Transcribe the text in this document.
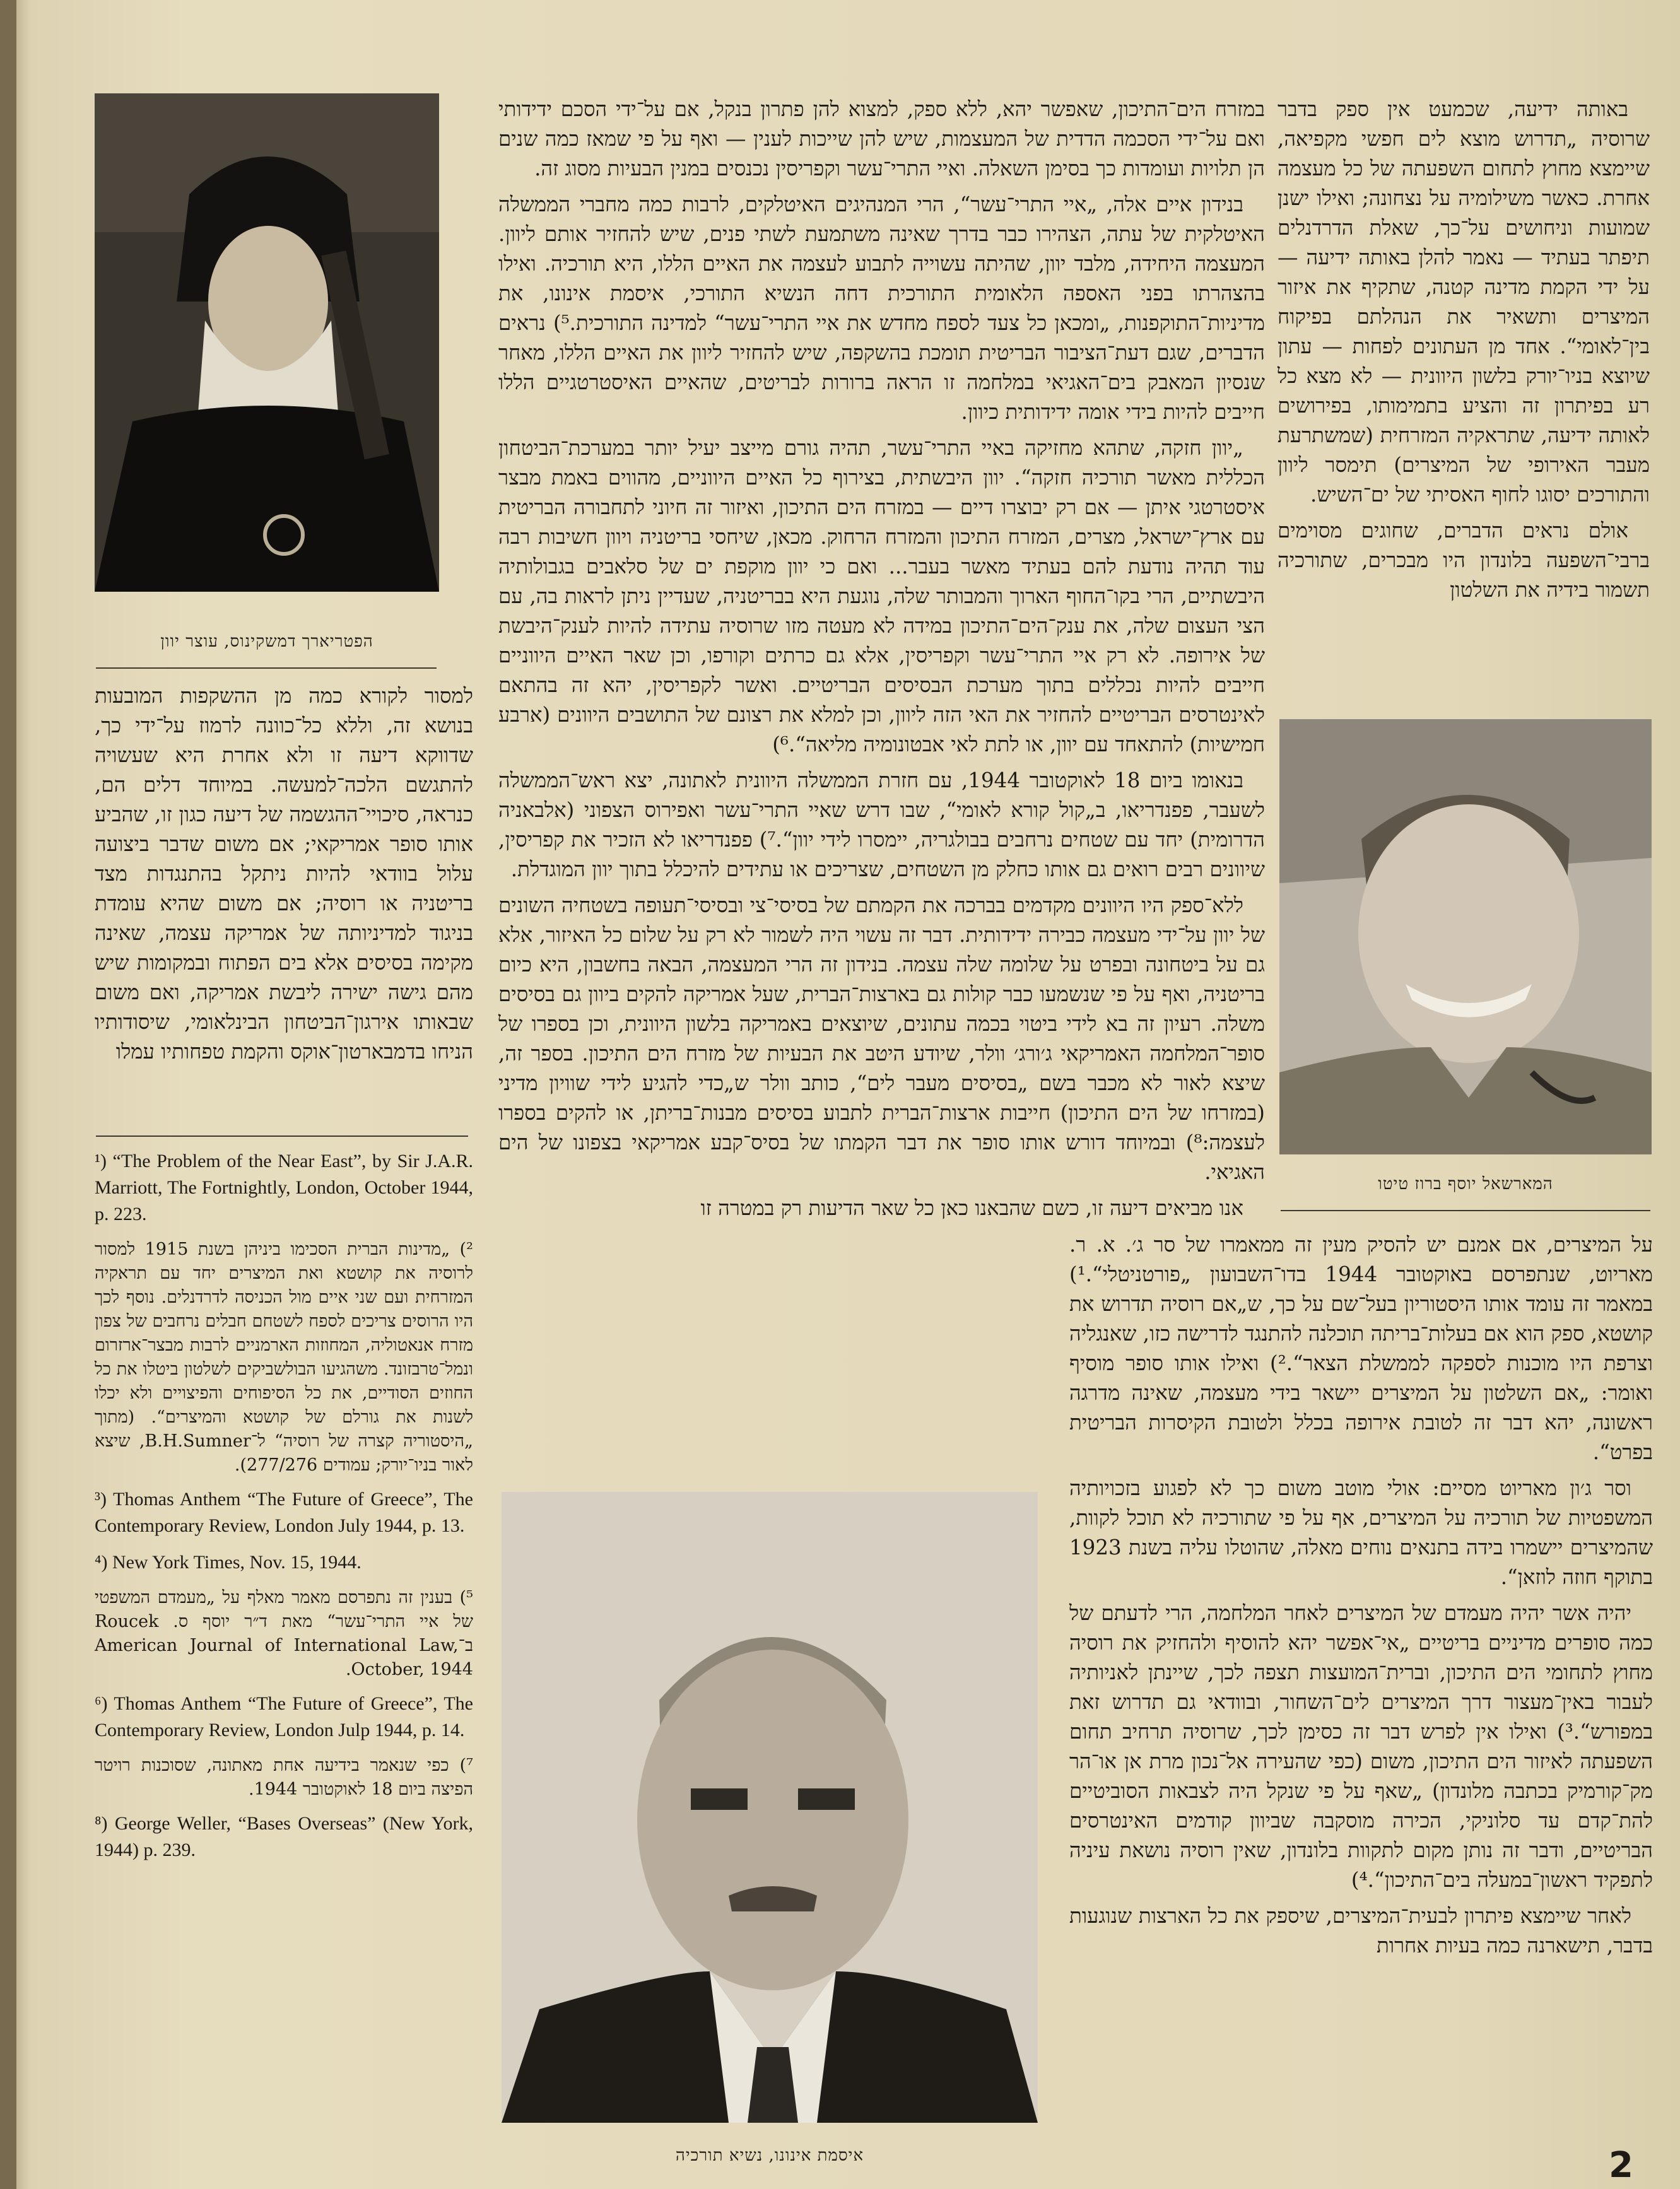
הפטריארך דמשקינוס, עוצר יוון

למסור לקורא כמה מן ההשקפות המובעות בנושא זה, וללא כל־כוונה לרמוז על־ידי כך, שדווקא דיעה זו ולא אחרת היא שעשויה להתגשם הלכה־למעשה. במיוחד דלים הם, כנראה, סיכויי־ההגשמה של דיעה כגון זו, שהביע אותו סופר אמריקאי; אם משום שדבר ביצועה עלול בוודאי להיות ניתקל בהתנגדות מצד בריטניה או רוסיה; אם משום שהיא עומדת בניגוד למדיניותה של אמריקה עצמה, שאינה מקימה בסיסים אלא בים הפתוח ובמקומות שיש מהם גישה ישירה ליבשת אמריקה, ואם משום שבאותו אירגון־הביטחון הבינלאומי, שיסודותיו הניחו בדמבארטון־אוקס והקמת טפחותיו עמלו

¹) “The Problem of the Near East”, by Sir J.A.R. Marriott, The Fortnightly, London, October 1944, p. 223.
²) „מדינות הברית הסכימו ביניהן בשנת 1915 למסור לרוסיה את קושטא ואת המיצרים יחד עם תראקיה המזרחית ועם שני איים מול הכניסה לדרדנלים. נוסף לכך היו הרוסים צריכים לספח לשטחם חבלים נרחבים של צפון מזרח אנאטוליה, המחוזות הארמניים לרבות מבצר־ארזרום ונמל־טרבזונד. משהגיעו הבולשביקים לשלטון ביטלו את כל החוזים הסודיים, את כל הסיפוחים והפיצויים ולא יכלו לשנות את גורלם של קושטא והמיצרים“. (מתוך „היסטוריה קצרה של רוסיה“ ל־B.H.Sumner, שיצא לאור בניו־יורק; עמודים 277/276).
³) Thomas Anthem “The Future of Greece”, The Contemporary Review, London July 1944, p. 13.
⁴) New York Times, Nov. 15, 1944.
⁵) בענין זה נתפרסם מאמר מאלף על „מעמדם המשפטי של איי התרי־עשר“ מאת ד״ר יוסף ס. Roucek ב־American Journal of International Law, October, 1944.
⁶) Thomas Anthem “The Future of Greece”, The Contemporary Review, London Julp 1944, p. 14.
⁷) כפי שנאמר בידיעה אחת מאתונה, שסוכנות רויטר הפיצה ביום 18 לאוקטובר 1944.
⁸) George Weller, “Bases Overseas” (New York, 1944) p. 239.

במזרח הים־התיכון, שאפשר יהא, ללא ספק, למצוא להן פתרון בנקל, אם על־ידי הסכם ידידותי ואם על־ידי הסכמה הדדית של המעצמות, שיש להן שייכות לענין — ואף על פי שמאז כמה שנים הן תלויות ועומדות כך בסימן השאלה. ואיי התרי־עשר וקפריסין נכנסים במנין הבעיות מסוג זה.

בנידון איים אלה, „איי התרי־עשר“, הרי המנהיגים האיטלקים, לרבות כמה מחברי הממשלה האיטלקית של עתה, הצהירו כבר בדרך שאינה משתמעת לשתי פנים, שיש להחזיר אותם ליוון. המעצמה היחידה, מלבד יוון, שהיתה עשוייה לתבוע לעצמה את האיים הללו, היא תורכיה. ואילו בהצהרתו בפני האספה הלאומית התורכית דחה הנשיא התורכי, איסמת אינונו, את מדיניות־התוקפנות, „ומכאן כל צעד לספח מחדש את איי התרי־עשר“ למדינה התורכית.⁵) נראים הדברים, שגם דעת־הציבור הבריטית תומכת בהשקפה, שיש להחזיר ליוון את האיים הללו, מאחר שנסיון המאבק בים־האגיאי במלחמה זו הראה ברורות לבריטים, שהאיים האיסטרטגיים הללו חייבים להיות בידי אומה ידידותית כיוון.

„יוון חזקה, שתהא מחזיקה באיי התרי־עשר, תהיה גורם מייצב יעיל יותר במערכת־הביטחון הכללית מאשר תורכיה חזקה“. יוון היבשתית, בצירוף כל האיים היווניים, מהווים באמת מבצר איסטרטגי איתן — אם רק יבוצרו דיים — במזרח הים התיכון, ואיזור זה חיוני לתחבורה הבריטית עם ארץ־ישראל, מצרים, המזרח התיכון והמזרח הרחוק. מכאן, שיחסי בריטניה ויוון חשיבות רבה עוד תהיה נודעת להם בעתיד מאשר בעבר... ואם כי יוון מוקפת ים של סלאבים בגבולותיה היבשתיים, הרי בקו־החוף הארוך והמבותר שלה, נוגעת היא בבריטניה, שעדיין ניתן לראות בה, עם הצי העצום שלה, את ענק־הים־התיכון במידה לא מעטה מזו שרוסיה עתידה להיות לענק־היבשת של אירופה. לא רק איי התרי־עשר וקפריסין, אלא גם כרתים וקורפו, וכן שאר האיים היווניים חייבים להיות נכללים בתוך מערכת הבסיסים הבריטיים. ואשר לקפריסין, יהא זה בהתאם לאינטרסים הבריטיים להחזיר את האי הזה ליוון, וכן למלא את רצונם של התושבים היוונים (ארבע חמישיות) להתאחד עם יוון, או לתת לאי אבטונומיה מליאה“.⁶)

בנאומו ביום 18 לאוקטובר 1944, עם חזרת הממשלה היוונית לאתונה, יצא ראש־הממשלה לשעבר, פפנדריאו, ב„קול קורא לאומי“, שבו דרש שאיי התרי־עשר ואפירוס הצפוני (אלבאניה הדרומית) יחד עם שטחים נרחבים בבולגריה, יימסרו לידי יוון“.⁷) פפנדריאו לא הזכיר את קפריסין, שיוונים רבים רואים גם אותו כחלק מן השטחים, שצריכים או עתידים להיכלל בתוך יוון המוגדלת.

ללא־ספק היו היוונים מקדמים בברכה את הקמתם של בסיסי־צי ובסיסי־תעופה בשטחיה השונים של יוון על־ידי מעצמה כבירה ידידותית. דבר זה עשוי היה לשמור לא רק על שלום כל האיזור, אלא גם על ביטחונה ובפרט על שלומה שלה עצמה. בנידון זה הרי המעצמה, הבאה בחשבון, היא כיום בריטניה, ואף על פי שנשמעו כבר קולות גם בארצות־הברית, שעל אמריקה להקים ביוון גם בסיסים משלה. רעיון זה בא לידי ביטוי בכמה עתונים, שיוצאים באמריקה בלשון היוונית, וכן בספרו של סופר־המלחמה האמריקאי ג׳ורג׳ וולר, שיודע היטב את הבעיות של מזרח הים התיכון. בספר זה, שיצא לאור לא מכבר בשם „בסיסים מעבר לים“, כותב וולר ש„כדי להגיע לידי שוויון מדיני (במזרחו של הים התיכון) חייבות ארצות־הברית לתבוע בסיסים מבנות־בריתן, או להקים בספרו לעצמה:⁸) ובמיוחד דורש אותו סופר את דבר הקמתו של בסיס־קבע אמריקאי בצפונו של הים האגיאי.

אנו מביאים דיעה זו, כשם שהבאנו כאן כל שאר הדיעות רק במטרה זו

איסמת אינונו, נשיא תורכיה

באותה ידיעה, שכמעט אין ספק בדבר שרוסיה „תדרוש מוצא לים חפשי מקפיאה, שיימצא מחוץ לתחום השפעתה של כל מעצמה אחרת. כאשר משילומיה על נצחונה; ואילו ישנן שמועות וניחושים על־כך, שאלת הדרדנלים תיפתר בעתיד — נאמר להלן באותה ידיעה — על ידי הקמת מדינה קטנה, שתקיף את איזור המיצרים ותשאיר את הנהלתם בפיקוח בין־לאומי“. אחד מן העתונים לפחות — עתון שיוצא בניו־יורק בלשון היוונית — לא מצא כל רע בפיתרון זה והציע בתמימותו, בפירושים לאותה ידיעה, שתראקיה המזרחית (שמשתרעת מעבר האירופי של המיצרים) תימסר ליוון והתורכים יסוגו לחוף האסיתי של ים־השיש.

אולם נראים הדברים, שחוגים מסוימים ברבי־השפעה בלונדון היו מבכרים, שתורכיה תשמור בידיה את השלטון

המארשאל יוסף ברוז טיטו

על המיצרים, אם אמנם יש להסיק מעין זה ממאמרו של סר ג׳. א. ר. מאריוט, שנתפרסם באוקטובר 1944 בדו־השבועון „פורטניטלי“.¹) במאמר זה עומד אותו היסטוריון בעל־שם על כך, ש„אם רוסיה תדרוש את קושטא, ספק הוא אם בעלות־בריתה תוכלנה להתנגד לדרישה כזו, שאנגליה וצרפת היו מוכנות לספקה לממשלת הצאר“.²) ואילו אותו סופר מוסיף ואומר: „אם השלטון על המיצרים יישאר בידי מעצמה, שאינה מדרגה ראשונה, יהא דבר זה לטובת אירופה בכלל ולטובת הקיסרות הבריטית בפרט“.

וסר ג׳ון מאריוט מסיים: אולי מוטב משום כך לא לפגוע בזכויותיה המשפטיות של תורכיה על המיצרים, אף על פי שתורכיה לא תוכל לקוות, שהמיצרים יישמרו בידה בתנאים נוחים מאלה, שהוטלו עליה בשנת 1923 בתוקף חוזה לוזאן“.

יהיה אשר יהיה מעמדם של המיצרים לאחר המלחמה, הרי לדעתם של כמה סופרים מדיניים בריטיים „אי־אפשר יהא להוסיף ולהחזיק את רוסיה מחוץ לתחומי הים התיכון, וברית־המועצות תצפה לכך, שיינתן לאניותיה לעבור באין־מעצור דרך המיצרים לים־השחור, ובוודאי גם תדרוש זאת במפורש“.³) ואילו אין לפרש דבר זה כסימן לכך, שרוסיה תרחיב תחום השפעתה לאיזור הים התיכון, משום (כפי שהעירה אל־נכון מרת אן או־הר מק־קורמיק בכתבה מלונדון) „שאף על פי שנקל היה לצבאות הסוביטיים להת־קדם עד סלוניקי, הכירה מוסקבה שביוון קודמים האינטרסים הבריטיים, ודבר זה נותן מקום לתקוות בלונדון, שאין רוסיה נושאת עיניה לתפקיד ראשון־במעלה בים־התיכון“.⁴)

לאחר שיימצא פיתרון לבעית־המיצרים, שיספק את כל הארצות שנוגעות בדבר, תישארנה כמה בעיות אחרות

2
